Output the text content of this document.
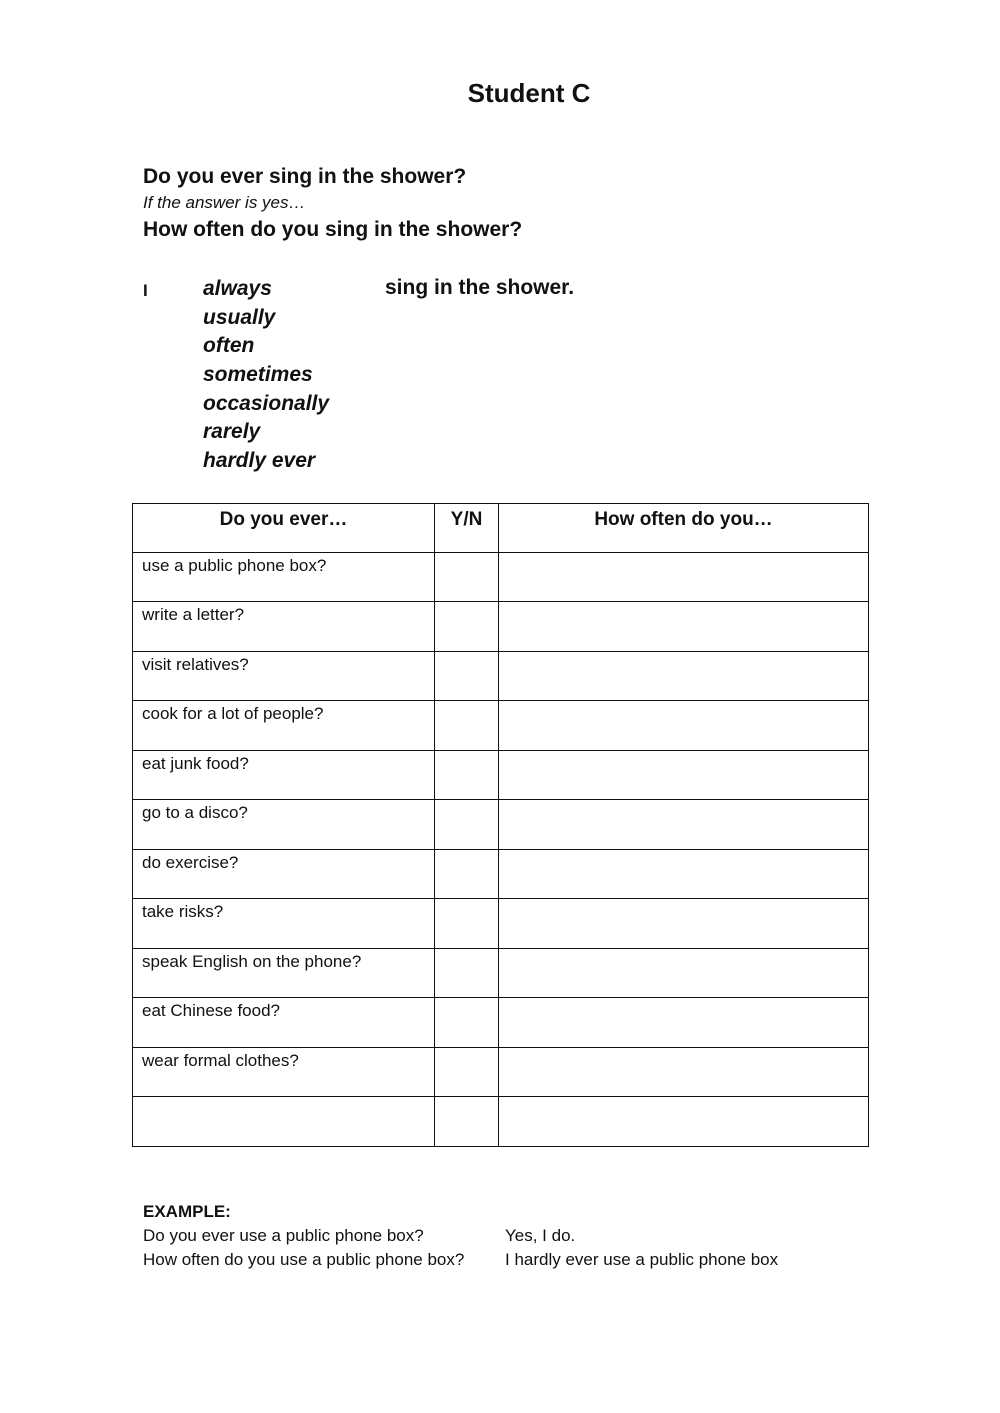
Student C
Do you ever sing in the shower?
If the answer is yes…
How often do you sing in the shower?
I	always
usually
often
sometimes
occasionally
rarely
hardly ever
sing in the shower.
Do you ever…	Y/N	How often do you…
use a public phone box?		
write a letter?		
visit relatives?		
cook for a lot of people?		
eat junk food?		
go to a disco?		
do exercise?		
take risks?		
speak English on the phone?		
eat Chinese food?		
wear formal clothes?		

EXAMPLE:
Do you ever use a public phone box?	Yes, I do.
How often do you use a public phone box? I hardly ever use a public phone box
